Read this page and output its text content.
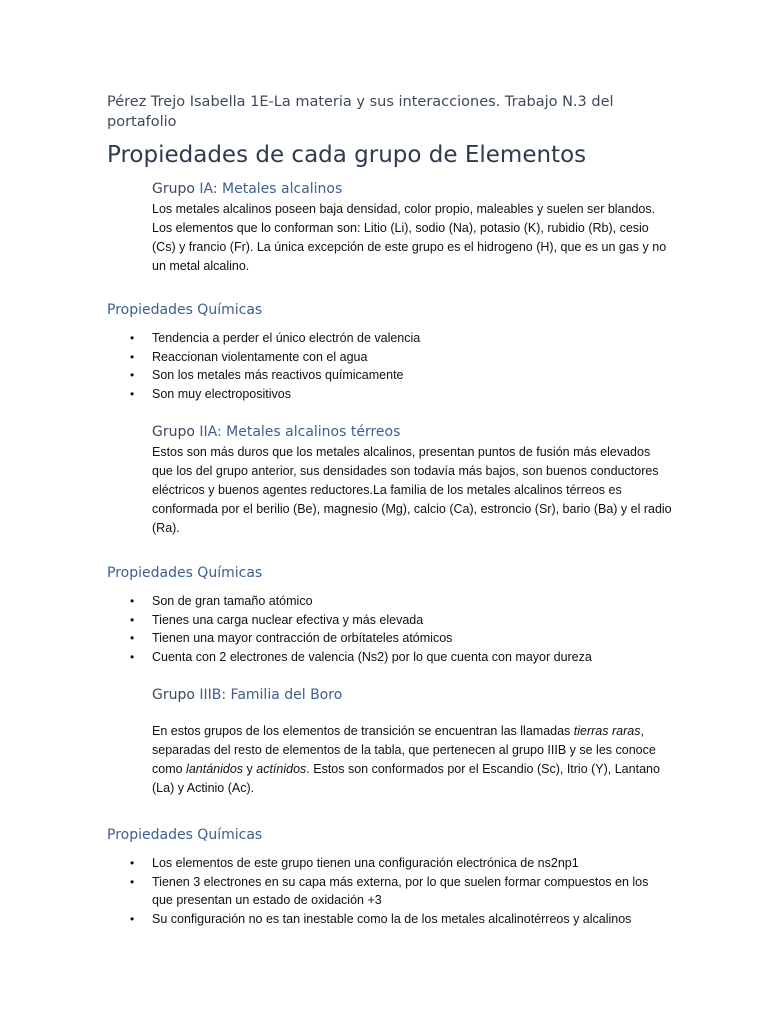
Pérez Trejo Isabella 1E-La materia y sus interacciones. Trabajo N.3 del portafolio
Propiedades de cada grupo de Elementos
Grupo IA: Metales alcalinos
Los metales alcalinos poseen baja densidad, color propio, maleables y suelen ser blandos. Los elementos que lo conforman son: Litio (Li), sodio (Na), potasio (K), rubidio (Rb), cesio (Cs) y francio (Fr). La única excepción de este grupo es el hidrogeno (H), que es un gas y no un metal alcalino.
Propiedades Químicas
• Tendencia a perder el único electrón de valencia
• Reaccionan violentamente con el agua
• Son los metales más reactivos químicamente
• Son muy electropositivos
Grupo IIA: Metales alcalinos térreos
Estos son más duros que los metales alcalinos, presentan puntos de fusión más elevados que los del grupo anterior, sus densidades son todavía más bajos, son buenos conductores eléctricos y buenos agentes reductores.La familia de los metales alcalinos térreos es conformada por el berilio (Be), magnesio (Mg), calcio (Ca), estroncio (Sr), bario (Ba) y el radio (Ra).
Propiedades Químicas
• Son de gran tamaño atómico
• Tienes una carga nuclear efectiva y más elevada
• Tienen una mayor contracción de orbítateles atómicos
• Cuenta con 2 electrones de valencia (Ns2) por lo que cuenta con mayor dureza
Grupo IIIB: Familia del Boro
En estos grupos de los elementos de transición se encuentran las llamadas tierras raras, separadas del resto de elementos de la tabla, que pertenecen al grupo IIIB y se les conoce como lantánidos y actínidos. Estos son conformados por el Escandio (Sc), Itrio (Y), Lantano (La) y Actinio (Ac).
Propiedades Químicas
• Los elementos de este grupo tienen una configuración electrónica de ns2np1
• Tienen 3 electrones en su capa más externa, por lo que suelen formar compuestos en los que presentan un estado de oxidación +3
• Su configuración no es tan inestable como la de los metales alcalinotérreos y alcalinos
